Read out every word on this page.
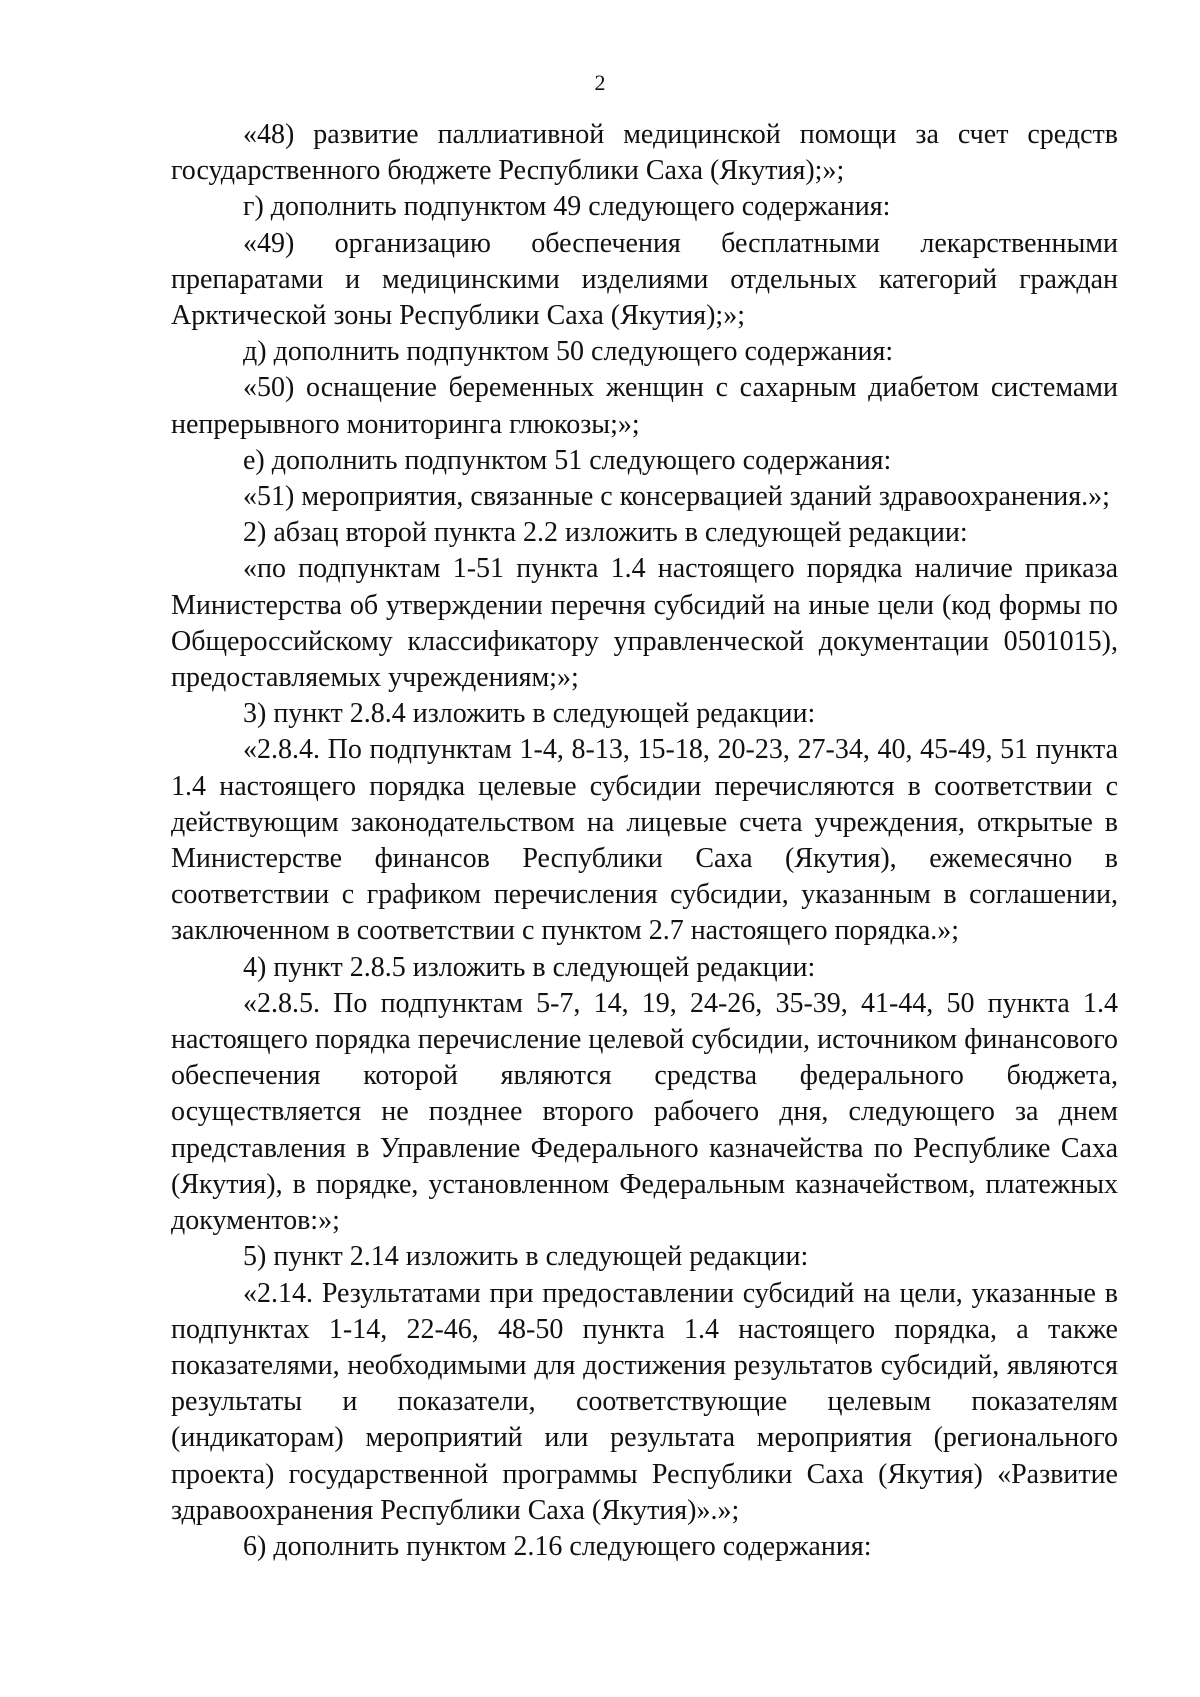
2

«48) развитие паллиативной медицинской помощи за счет средств государственного бюджете Республики Саха (Якутия);»;

г) дополнить подпунктом 49 следующего содержания:

«49) организацию обеспечения бесплатными лекарственными препаратами и медицинскими изделиями отдельных категорий граждан Арктической зоны Республики Саха (Якутия);»;

д) дополнить подпунктом 50 следующего содержания:

«50) оснащение беременных женщин с сахарным диабетом системами непрерывного мониторинга глюкозы;»;

е) дополнить подпунктом 51 следующего содержания:

«51) мероприятия, связанные с консервацией зданий здравоохранения.»;

2) абзац второй пункта 2.2 изложить в следующей редакции:

«по подпунктам 1-51 пункта 1.4 настоящего порядка наличие приказа Министерства об утверждении перечня субсидий на иные цели (код формы по Общероссийскому классификатору управленческой документации 0501015), предоставляемых учреждениям;»;

3) пункт 2.8.4 изложить в следующей редакции:

«2.8.4. По подпунктам 1-4, 8-13, 15-18, 20-23, 27-34, 40, 45-49, 51 пункта 1.4 настоящего порядка целевые субсидии перечисляются в соответствии с действующим законодательством на лицевые счета учреждения, открытые в Министерстве финансов Республики Саха (Якутия), ежемесячно в соответствии с графиком перечисления субсидии, указанным в соглашении, заключенном в соответствии с пунктом 2.7 настоящего порядка.»;

4) пункт 2.8.5 изложить в следующей редакции:

«2.8.5. По подпунктам 5-7, 14, 19, 24-26, 35-39, 41-44, 50 пункта 1.4 настоящего порядка перечисление целевой субсидии, источником финансового обеспечения которой являются средства федерального бюджета, осуществляется не позднее второго рабочего дня, следующего за днем представления в Управление Федерального казначейства по Республике Саха (Якутия), в порядке, установленном Федеральным казначейством, платежных документов:»;

5) пункт 2.14 изложить в следующей редакции:

«2.14. Результатами при предоставлении субсидий на цели, указанные в подпунктах 1-14, 22-46, 48-50 пункта 1.4 настоящего порядка, а также показателями, необходимыми для достижения результатов субсидий, являются результаты и показатели, соответствующие целевым показателям (индикаторам) мероприятий или результата мероприятия (регионального проекта) государственной программы Республики Саха (Якутия) «Развитие здравоохранения Республики Саха (Якутия)».»;

6) дополнить пунктом 2.16 следующего содержания:
